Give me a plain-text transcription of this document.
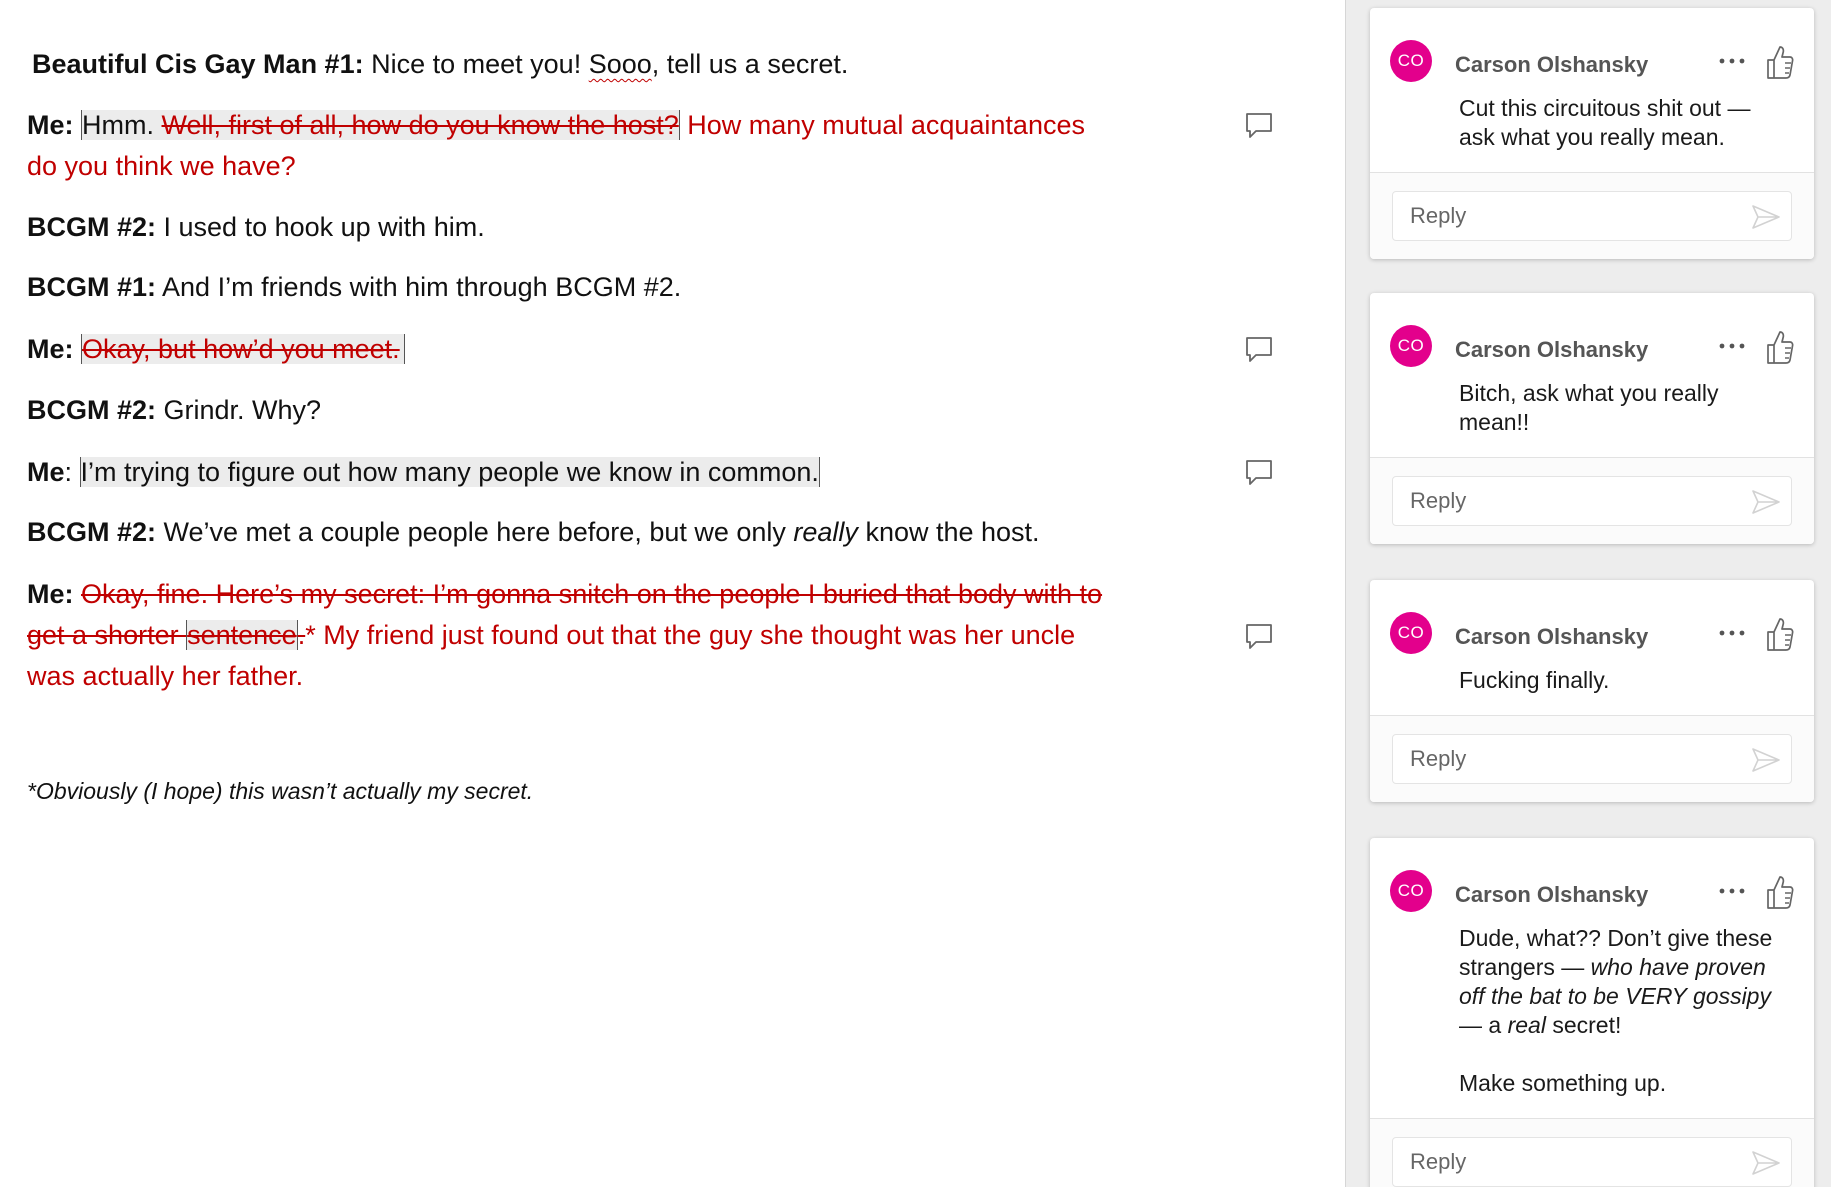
Beautiful Cis Gay Man #1: Nice to meet you! Sooo, tell us a secret.
Me: Hmm. Well, first of all, how do you know the host? How many mutual acquaintances
do you think we have?
BCGM #2: I used to hook up with him.
BCGM #1: And I’m friends with him through BCGM #2.
Me: Okay, but how’d you meet.
BCGM #2: Grindr. Why?
Me: I’m trying to figure out how many people we know in common.
BCGM #2: We’ve met a couple people here before, but we only really know the host.
Me: Okay, fine. Here’s my secret: I’m gonna snitch on the people I buried that body with to
get a shorter sentence.* My friend just found out that the guy she thought was her uncle
was actually her father.
*Obviously (I hope) this wasn’t actually my secret.
CO	Carson Olshansky

Cut this circuitous shit out — ask what you really mean.

Reply
CO	Carson Olshansky

Bitch, ask what you really mean!!

Reply
CO	Carson Olshansky

Fucking finally.

Reply
CO	Carson Olshansky

Dude, what?? Don’t give these strangers — who have proven off the bat to be VERY gossipy — a real secret!

Make something up.

Reply
